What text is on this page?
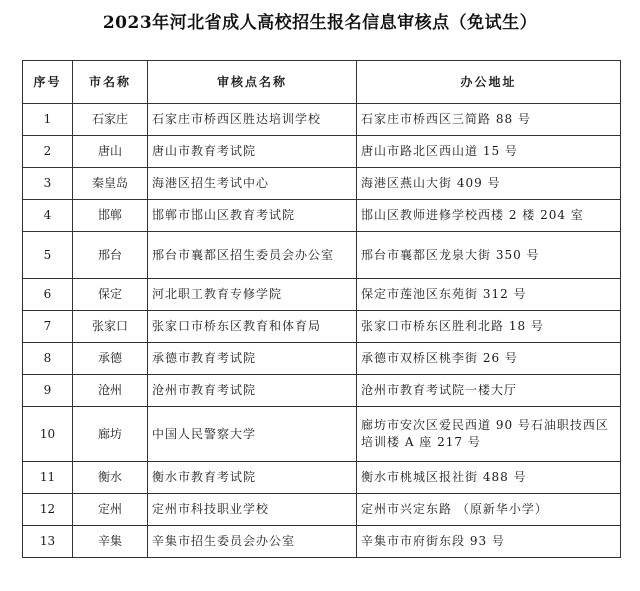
2023年河北省成人高校招生报名信息审核点（免试生）
序号	市名称	审核点名称	办公地址
1	石家庄	石家庄市桥西区胜达培训学校	石家庄市桥西区三简路 88 号
2	唐山	唐山市教育考试院	唐山市路北区西山道 15 号
3	秦皇岛	海港区招生考试中心	海港区燕山大街 409 号
4	邯郸	邯郸市邯山区教育考试院	邯山区教师进修学校西楼 2 楼 204 室
5	邢台	邢台市襄都区招生委员会办公室	邢台市襄都区龙泉大街 350 号
6	保定	河北职工教育专修学院	保定市莲池区东苑街 312 号
7	张家口	张家口市桥东区教育和体育局	张家口市桥东区胜利北路 18 号
8	承德	承德市教育考试院	承德市双桥区桃李街 26 号
9	沧州	沧州市教育考试院	沧州市教育考试院一楼大厅
10	廊坊	中国人民警察大学	廊坊市安次区爱民西道 90 号石油职技西区培训楼 A 座 217 号
11	衡水	衡水市教育考试院	衡水市桃城区报社街 488 号
12	定州	定州市科技职业学校	定州市兴定东路 （原新华小学）
13	辛集	辛集市招生委员会办公室	辛集市市府街东段 93 号
